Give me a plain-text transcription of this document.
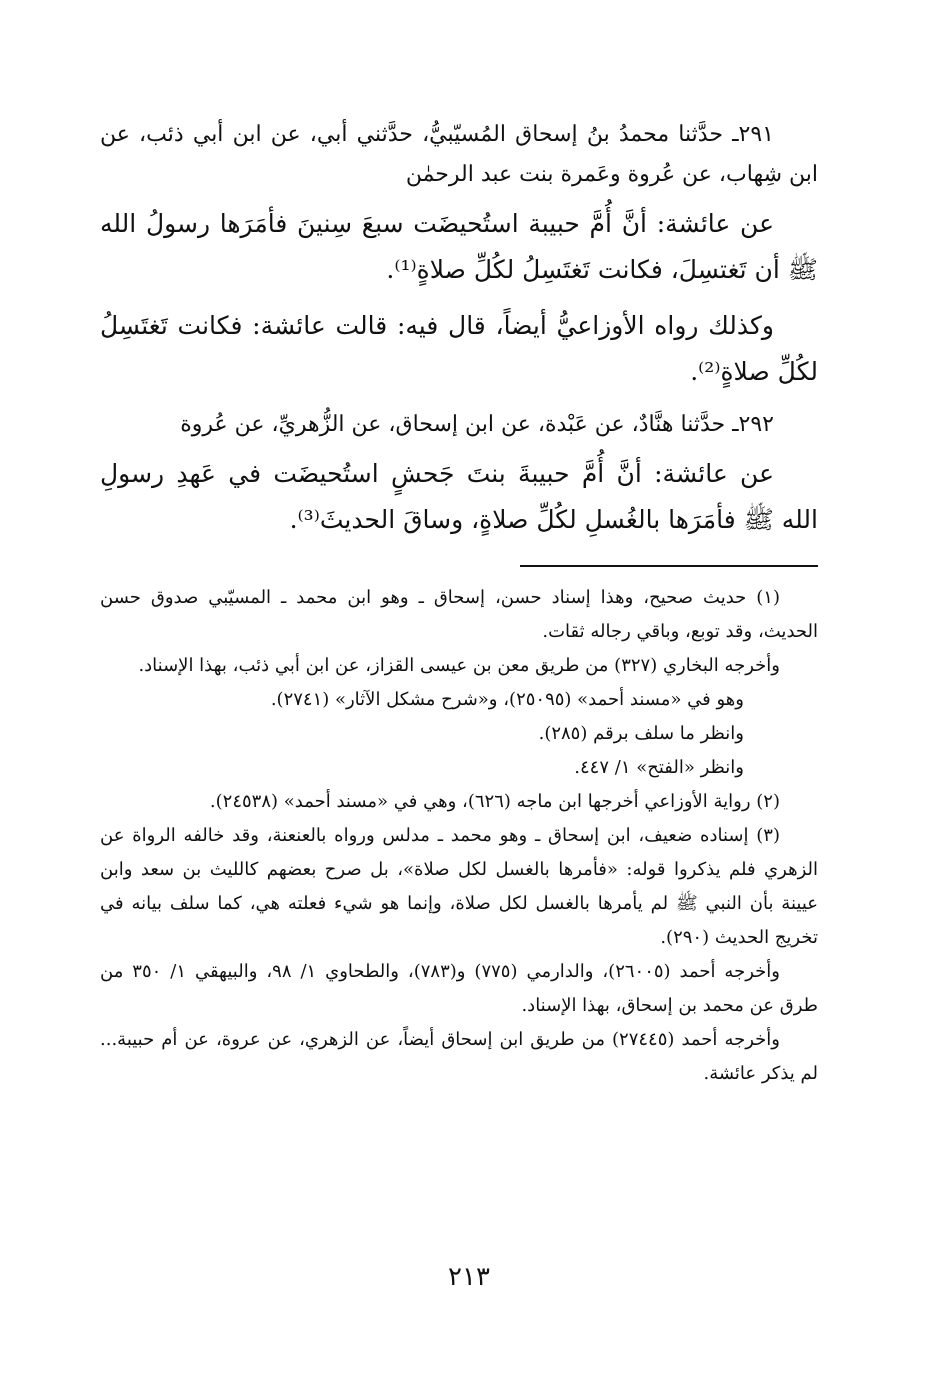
٢٩١ـ حدَّثنا محمدُ بنُ إسحاق المُسيّبيُّ، حدَّثني أبي، عن ابن أبي ذئب، عن ابن شِهاب، عن عُروة وعَمرة بنت عبد الرحمٰن

عن عائشة: أنَّ أُمَّ حبيبة استُحيضَت سبعَ سِنينَ فأمَرَها رسولُ الله ﷺ أن تَغتسِلَ، فكانت تَغتَسِلُ لكُلِّ صلاةٍ⁽¹⁾.

وكذلك رواه الأوزاعيُّ أيضاً، قال فيه: قالت عائشة: فكانت تَغتَسِلُ لكُلِّ صلاةٍ⁽²⁾.

٢٩٢ـ حدَّثنا هنَّادٌ، عن عَبْدة، عن ابن إسحاق، عن الزُّهريِّ، عن عُروة

عن عائشة: أنَّ أُمَّ حبيبةَ بنتَ جَحشٍ استُحيضَت في عَهدِ رسولِ الله ﷺ فأمَرَها بالغُسلِ لكُلِّ صلاةٍ، وساقَ الحديثَ⁽³⁾.

(١) حديث صحيح، وهذا إسناد حسن، إسحاق ـ وهو ابن محمد ـ المسيّبي صدوق حسن الحديث، وقد توبع، وباقي رجاله ثقات.

وأخرجه البخاري (٣٢٧) من طريق معن بن عيسى القزاز، عن ابن أبي ذئب، بهذا الإسناد.

وهو في «مسند أحمد» (٢٥٠٩٥)، و«شرح مشكل الآثار» (٢٧٤١).

وانظر ما سلف برقم (٢٨٥).

وانظر «الفتح» ١/ ٤٤٧.

(٢) رواية الأوزاعي أخرجها ابن ماجه (٦٢٦)، وهي في «مسند أحمد» (٢٤٥٣٨).

(٣) إسناده ضعيف، ابن إسحاق ـ وهو محمد ـ مدلس ورواه بالعنعنة، وقد خالفه الرواة عن الزهري فلم يذكروا قوله: «فأمرها بالغسل لكل صلاة»، بل صرح بعضهم كالليث بن سعد وابن عيينة بأن النبي ﷺ لم يأمرها بالغسل لكل صلاة، وإنما هو شيء فعلته هي، كما سلف بيانه في تخريج الحديث (٢٩٠).

وأخرجه أحمد (٢٦٠٠٥)، والدارمي (٧٧٥) و(٧٨٣)، والطحاوي ١/ ٩٨، والبيهقي ١/ ٣٥٠ من طرق عن محمد بن إسحاق، بهذا الإسناد.

وأخرجه أحمد (٢٧٤٤٥) من طريق ابن إسحاق أيضاً، عن الزهري، عن عروة، عن أم حبيبة... لم يذكر عائشة.

٢١٣
